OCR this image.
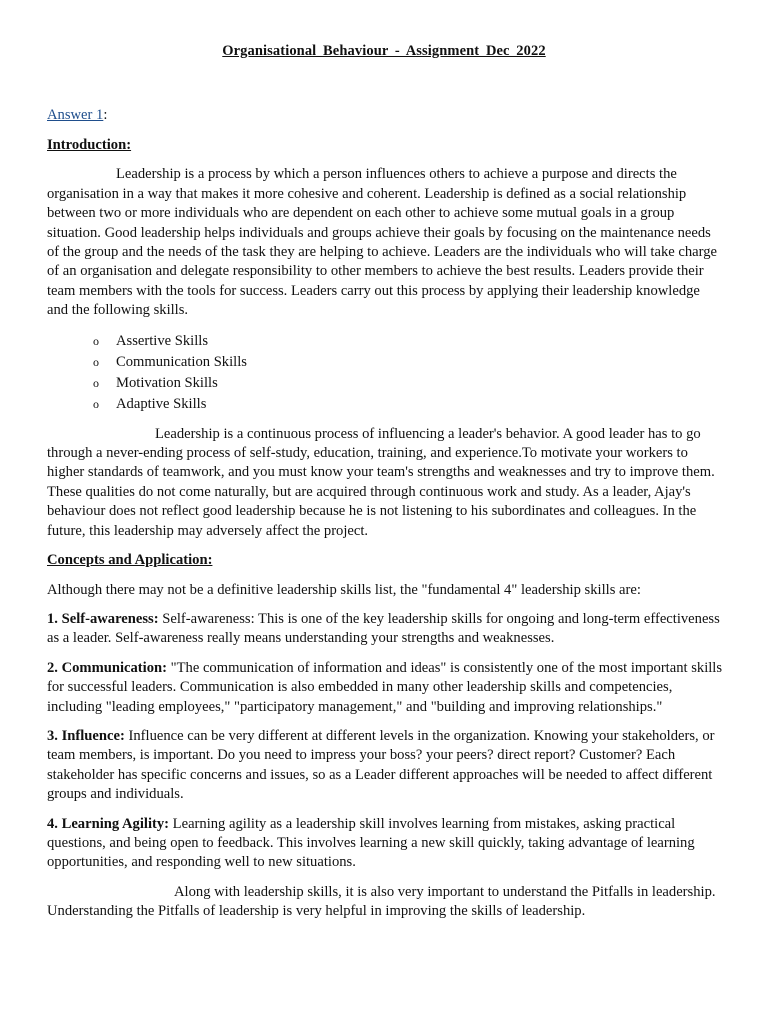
Organisational Behaviour - Assignment Dec 2022
Answer 1:
Introduction:

Leadership is a process by which a person influences others to achieve a purpose and directs the organisation in a way that makes it more cohesive and coherent. Leadership is defined as a social relationship between two or more individuals who are dependent on each other to achieve some mutual goals in a group situation. Good leadership helps individuals and groups achieve their goals by focusing on the maintenance needs of the group and the needs of the task they are helping to achieve. Leaders are the individuals who will take charge of an organisation and delegate responsibility to other members to achieve the best results. Leaders provide their team members with the tools for success. Leaders carry out this process by applying their leadership knowledge and the following skills.

o Assertive Skills
o Communication Skills
o Motivation Skills
o Adaptive Skills

Leadership is a continuous process of influencing a leader's behavior. A good leader has to go through a never-ending process of self-study, education, training, and experience.To motivate your workers to higher standards of teamwork, and you must know your team's strengths and weaknesses and try to improve them. These qualities do not come naturally, but are acquired through continuous work and study. As a leader, Ajay's behaviour does not reflect good leadership because he is not listening to his subordinates and colleagues. In the future, this leadership may adversely affect the project.

Concepts and Application:

Although there may not be a definitive leadership skills list, the "fundamental 4" leadership skills are:

1. Self-awareness: Self-awareness: This is one of the key leadership skills for ongoing and long-term effectiveness as a leader. Self-awareness really means understanding your strengths and weaknesses.

2. Communication: "The communication of information and ideas" is consistently one of the most important skills for successful leaders. Communication is also embedded in many other leadership skills and competencies, including "leading employees," "participatory management," and "building and improving relationships."

3. Influence: Influence can be very different at different levels in the organization. Knowing your stakeholders, or team members, is important. Do you need to impress your boss? your peers? direct report? Customer? Each stakeholder has specific concerns and issues, so as a Leader different approaches will be needed to affect different groups and individuals.

4. Learning Agility: Learning agility as a leadership skill involves learning from mistakes, asking practical questions, and being open to feedback. This involves learning a new skill quickly, taking advantage of learning opportunities, and responding well to new situations.

Along with leadership skills, it is also very important to understand the Pitfalls in leadership. Understanding the Pitfalls of leadership is very helpful in improving the skills of leadership.
